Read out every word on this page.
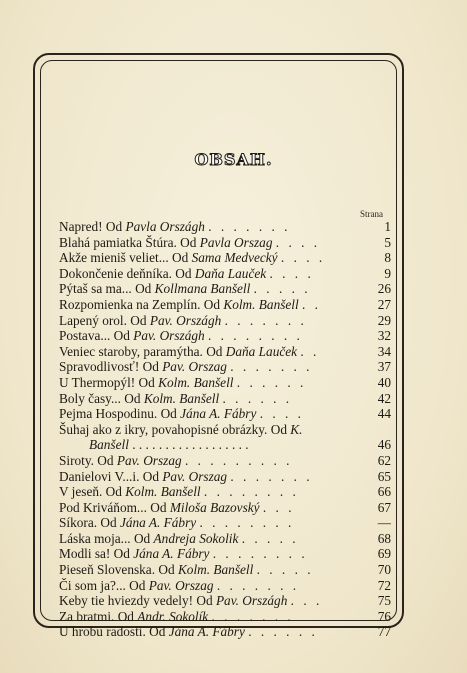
OBSAH.
Strana
Napred! Od Pavla Országh . . . . . . .	1
Blahá pamiatka Štúra. Od Pavla Orszag . . . .	5
Akže mieniš veliet... Od Sama Medvecký . . . .	8
Dokončenie deňníka. Od Daňa Lauček . . . .	9
Pýtaš sa ma... Od Kollmana Banšell . . . . .	26
Rozpomienka na Zemplín. Od Kolm. Banšell . .	27
Lapený orol. Od Pav. Országh . . . . . . .	29
Postava... Od Pav. Országh . . . . . . . .	32
Veniec staroby, paramýtha. Od Daňa Lauček . .	34
Spravodlivosť! Od Pav. Orszag . . . . . . .	37
U Thermopýl! Od Kolm. Banšell . . . . . .	40
Boly časy... Od Kolm. Banšell . . . . . .	42
Pejma Hospodinu. Od Jána A. Fábry . . . .	44
Šuhaj ako z ikry, povahopisné obrázky. Od K.
Banšell . . . . . . . . . . . . . . . . . .	46
Siroty. Od Pav. Orszag . . . . . . . . .	62
Danielovi V...i. Od Pav. Orszag . . . . . . .	65
V jeseň. Od Kolm. Banšell . . . . . . . .	66
Pod Kriváňom... Od Miloša Bazovský . . .	67
Síkora. Od Jána A. Fábry . . . . . . . .	—
Láska moja... Od Andreja Sokolik . . . . .	68
Modli sa! Od Jána A. Fábry . . . . . . . .	69
Pieseň Slovenska. Od Kolm. Banšell . . . . .	70
Či som ja?... Od Pav. Orszag . . . . . . .	72
Keby tie hviezdy vedely! Od Pav. Országh . . .	75
Za bratmi. Od Andr. Sokolík . . . . . . .	76
U hrobu radosti. Od Jána A. Fábry . . . . . .	77
